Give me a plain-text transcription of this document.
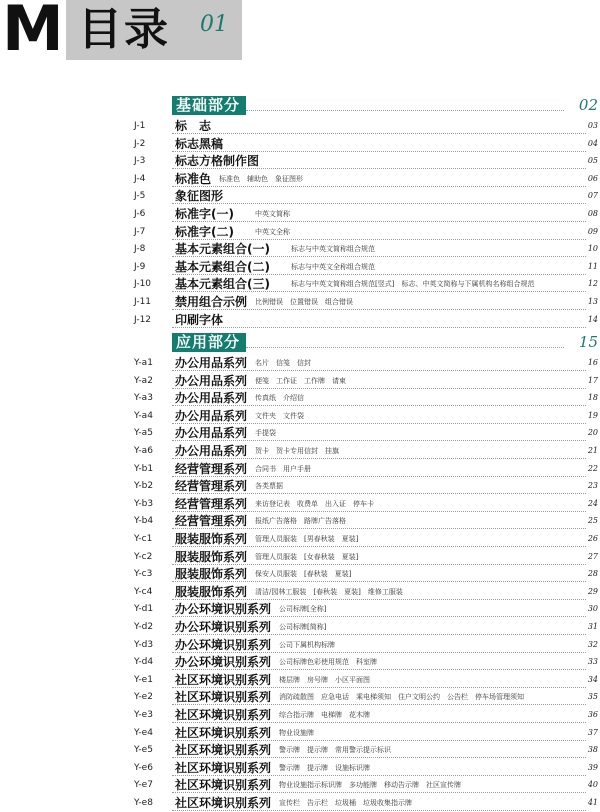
M 目录 01
基础部分	02
J-1 标　志	03
J-2 标志黑稿	04
J-3 标志方格制作图	05
J-4 标准色 标准色　辅助色　象征图形	06
J-5 象征图形	07
J-6 标准字(一)	中英文简称	08
J-7 标准字(二)	中英文全称	09
J-8 基本元素组合(一)	标志与中英文简称组合规范	10
J-9 基本元素组合(二)	标志与中英文全称组合规范	11
J-10 基本元素组合(三)	标志与中英文简称组合规范[竖式]　标志、中英文简称与下属机构名称组合规范	12
J-11 禁用组合示例 比例错误　位置错误　组合错误	13
J-12 印刷字体	14
应用部分	15
Y-a1 办公用品系列 名片　信笺　信封	16
Y-a2 办公用品系列 便笺　工作证　工作牌　请柬	17
Y-a3 办公用品系列 传真纸　介绍信	18
Y-a4 办公用品系列 文件夹　文件袋	19
Y-a5 办公用品系列 手提袋	20
Y-a6 办公用品系列 贺卡　贺卡专用信封　挂旗	21
Y-b1 经营管理系列 合同书　用户手册	22
Y-b2 经营管理系列 各类票据	23
Y-b3 经营管理系列 来访登记表　收费单　出入证　停车卡	24
Y-b4 经营管理系列 报纸广告落格　路牌广告落格	25
Y-c1 服装服饰系列 管理人员服装　[男春秋装　夏装]	26
Y-c2 服装服饰系列 管理人员服装　[女春秋装　夏装]	27
Y-c3 服装服饰系列 保安人员服装　[春秋装　夏装]	28
Y-c4 服装服饰系列 清洁/园林工服装　[春秋装　夏装]　维修工服装	29
Y-d1 办公环境识别系列 公司标牌[全称]	30
Y-d2 办公环境识别系列 公司标牌[简称]	31
Y-d3 办公环境识别系列 公司下属机构标牌	32
Y-d4 办公环境识别系列 公司标牌色彩使用规范　科室牌	33
Y-e1 社区环境识别系列 楼层牌　房号牌　小区平面图	34
Y-e2 社区环境识别系列 消防疏散图　应急电话　乘电梯须知　住户文明公约　公告栏　停车场管理须知	35
Y-e3 社区环境识别系列 综合指示牌　电梯牌　花木牌	36
Y-e4 社区环境识别系列 物业设施牌	37
Y-e5 社区环境识别系列 警示牌　提示牌　常用警示提示标识	38
Y-e6 社区环境识别系列 警示牌　提示牌　设施标识牌	39
Y-e7 社区环境识别系列 物业设施指示标识牌　多功能牌　移动告示牌　社区宣传牌	40
Y-e8 社区环境识别系列 宣传栏　告示栏　垃圾桶　垃圾收集指示牌	41
